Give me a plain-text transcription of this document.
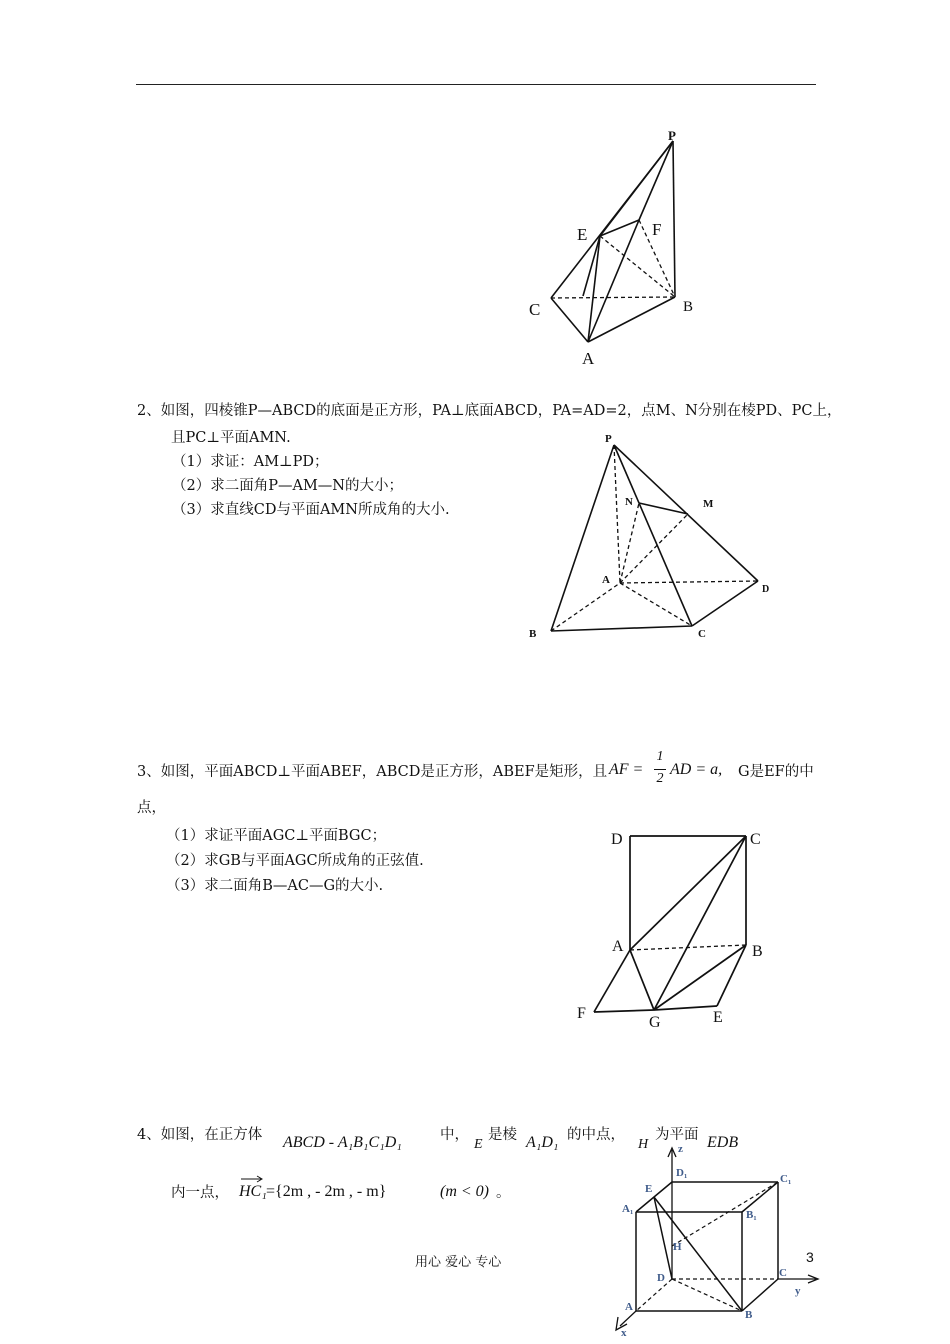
P
E	F
C	B
A
2、如图，四棱锥P—ABCD的底面是正方形，PA⊥底面ABCD，PA=AD=2，点M、N分别在棱PD、PC上，
且PC⊥平面AMN.
（1）求证：AM⊥PD；
（2）求二面角P—AM—N的大小；
（3）求直线CD与平面AMN所成角的大小.
P
N	M
A
D
B	C
3、如图，平面ABCD⊥平面ABEF，ABCD是正方形，ABEF是矩形，且 AF =
1
2
AD = a, G是EF的中
点，
（1）求证平面AGC⊥平面BGC；
（2）求GB与平面AGC所成角的正弦值.
（3）求二面角B—AC—G的大小.
D	C
A	B
F
G	E
4、如图，在正方体 ABCD - A₁B₁C₁D₁	中，
E
是棱 A₁D₁ 的中点，
H
为平面 EDB
内一点， HC₁ ={2m , - 2m , - m}	(m < 0) 。
z
D₁	C₁
E
A₁	B₁
H
D	C
y
A
B
x
用心 爱心 专心	3
